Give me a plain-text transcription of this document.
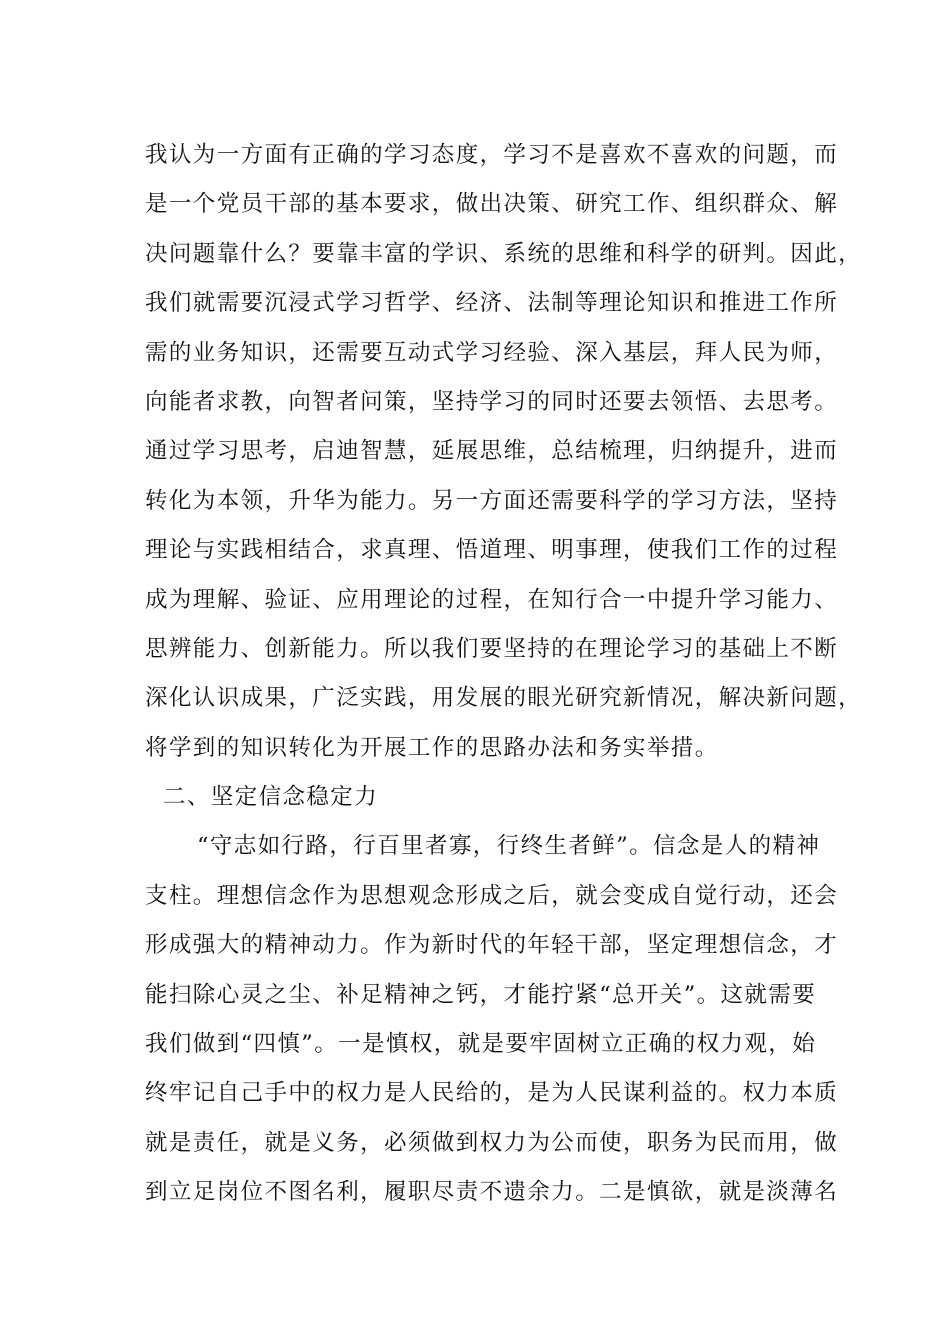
我认为一方面有正确的学习态度，学习不是喜欢不喜欢的问题，而
是一个党员干部的基本要求，做出决策、研究工作、组织群众、解
决问题靠什么？要靠丰富的学识、系统的思维和科学的研判。因此，
我们就需要沉浸式学习哲学、经济、法制等理论知识和推进工作所
需的业务知识，还需要互动式学习经验、深入基层，拜人民为师，
向能者求教，向智者问策，坚持学习的同时还要去领悟、去思考。
通过学习思考，启迪智慧，延展思维，总结梳理，归纳提升，进而
转化为本领，升华为能力。另一方面还需要科学的学习方法，坚持
理论与实践相结合，求真理、悟道理、明事理，使我们工作的过程
成为理解、验证、应用理论的过程，在知行合一中提升学习能力、
思辨能力、创新能力。所以我们要坚持的在理论学习的基础上不断
深化认识成果，广泛实践，用发展的眼光研究新情况，解决新问题，
将学到的知识转化为开展工作的思路办法和务实举措。
二、坚定信念稳定力
“守志如行路，行百里者寡，行终生者鲜”。信念是人的精神
支柱。理想信念作为思想观念形成之后，就会变成自觉行动，还会
形成强大的精神动力。作为新时代的年轻干部，坚定理想信念，才
能扫除心灵之尘、补足精神之钙，才能拧紧“总开关”。这就需要
我们做到“四慎”。一是慎权，就是要牢固树立正确的权力观，始
终牢记自己手中的权力是人民给的，是为人民谋利益的。权力本质
就是责任，就是义务，必须做到权力为公而使，职务为民而用，做
到立足岗位不图名利，履职尽责不遗余力。二是慎欲，就是淡薄名
